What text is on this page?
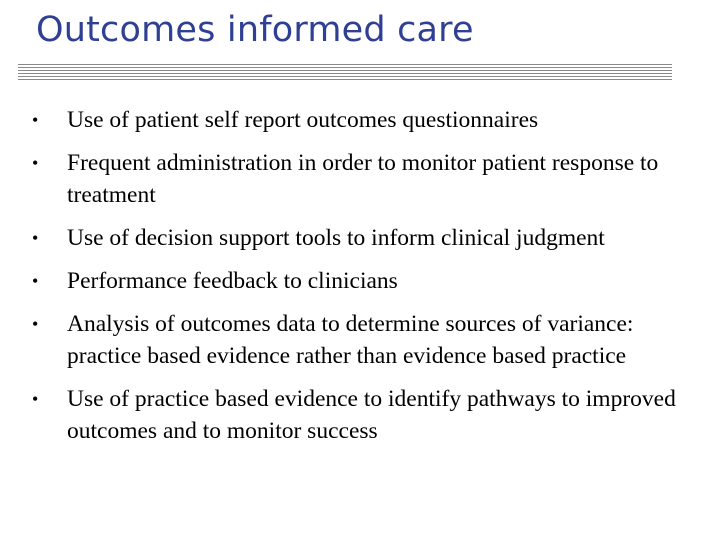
Outcomes informed care
•	Use of patient self report outcomes questionnaires
•	Frequent administration in order to monitor patient response to treatment
•	Use of decision support tools to inform clinical judgment
•	Performance feedback to clinicians
•	Analysis of outcomes data to determine sources of variance: practice based evidence rather than evidence based practice
•	Use of practice based evidence to identify pathways to improved outcomes and to monitor success
